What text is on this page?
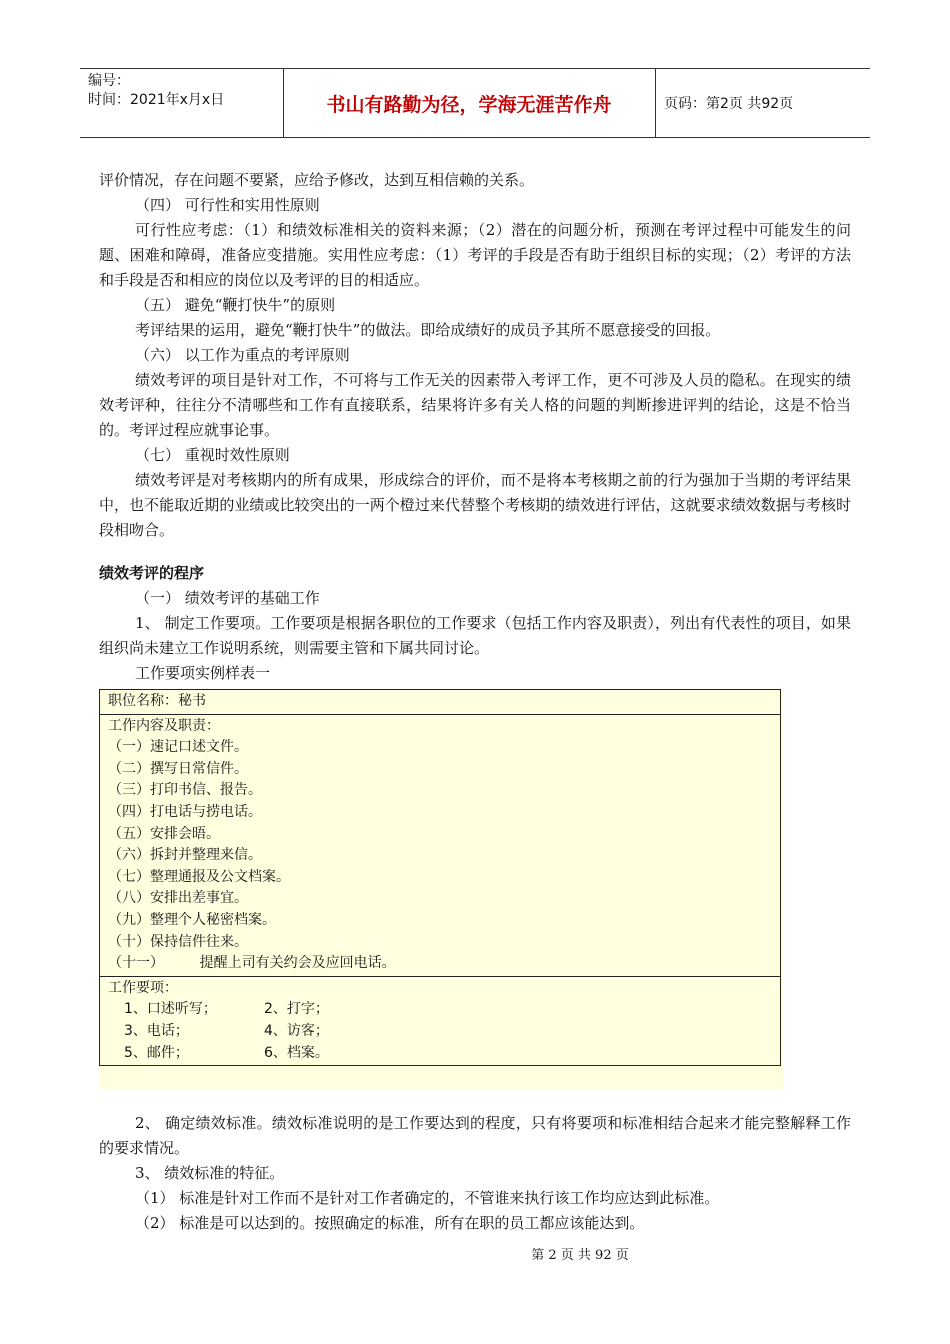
编号：
时间：2021年x月x日	书山有路勤为径，学海无涯苦作舟	页码：第2页 共92页

评价情况，存在问题不要紧，应给予修改，达到互相信赖的关系。

（四） 可行性和实用性原则

可行性应考虑：（1）和绩效标准相关的资料来源；（2）潜在的问题分析，预测在考评过程中可能发生的问题、困难和障碍，准备应变措施。实用性应考虑：（1）考评的手段是否有助于组织目标的实现；（2）考评的方法和手段是否和相应的岗位以及考评的目的相适应。

（五） 避免“鞭打快牛”的原则

考评结果的运用，避免“鞭打快牛”的做法。即给成绩好的成员予其所不愿意接受的回报。

（六） 以工作为重点的考评原则

绩效考评的项目是针对工作，不可将与工作无关的因素带入考评工作，更不可涉及人员的隐私。在现实的绩效考评种，往往分不清哪些和工作有直接联系，结果将许多有关人格的问题的判断掺进评判的结论，这是不恰当的。考评过程应就事论事。

（七） 重视时效性原则

绩效考评是对考核期内的所有成果，形成综合的评价，而不是将本考核期之前的行为强加于当期的考评结果中，也不能取近期的业绩或比较突出的一两个橙过来代替整个考核期的绩效进行评估，这就要求绩效数据与考核时段相吻合。

绩效考评的程序

（一） 绩效考评的基础工作

1、 制定工作要项。工作要项是根据各职位的工作要求（包括工作内容及职责），列出有代表性的项目，如果组织尚未建立工作说明系统，则需要主管和下属共同讨论。

工作要项实例样表一

职位名称：秘书
工作内容及职责：
（一）速记口述文件。
（二）撰写日常信件。
（三）打印书信、报告。
（四）打电话与捞电话。
（五）安排会晤。
（六）拆封并整理来信。
（七）整理通报及公文档案。
（八）安排出差事宜。
（九）整理个人秘密档案。
（十）保持信件往来。
（十一）        提醒上司有关约会及应回电话。
工作要项：
1、口述听写；	2、打字；
3、电话；	4、访客；
5、邮件；	6、档案。

2、 确定绩效标准。绩效标准说明的是工作要达到的程度，只有将要项和标准相结合起来才能完整解释工作的要求情况。

3、 绩效标准的特征。

（1） 标准是针对工作而不是针对工作者确定的，不管谁来执行该工作均应达到此标准。

（2） 标准是可以达到的。按照确定的标准，所有在职的员工都应该能达到。

第 2 页 共 92 页
